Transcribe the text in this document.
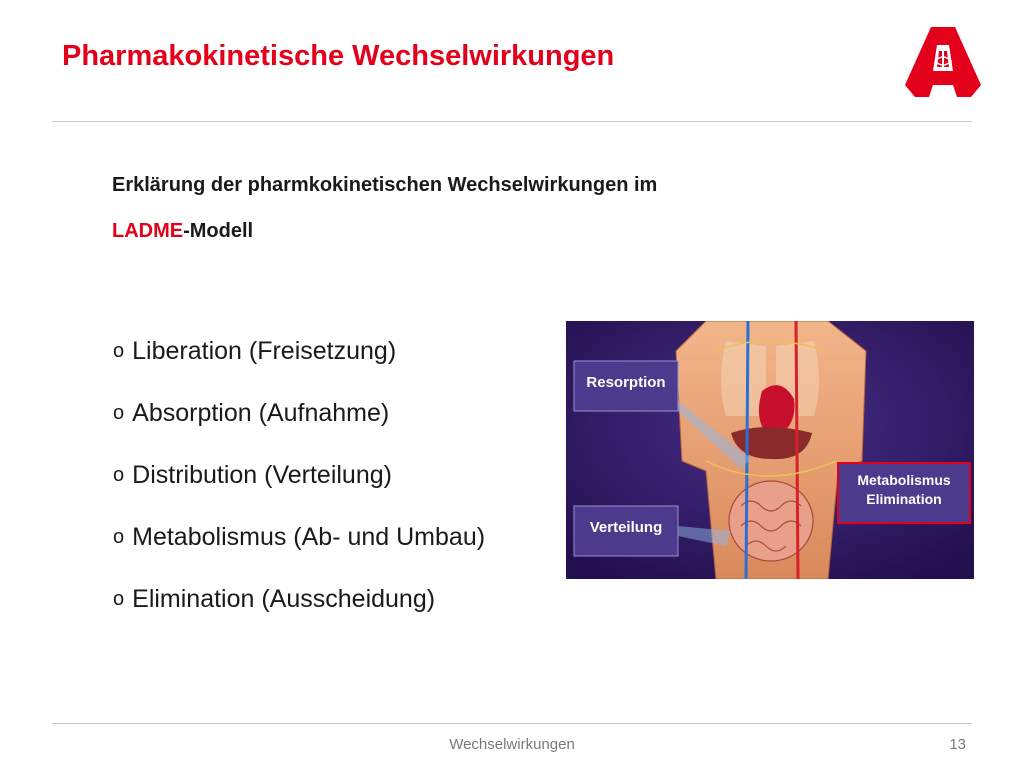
Pharmakokinetische Wechselwirkungen
Erklärung der pharmkokinetischen Wechselwirkungen im
LADME-Modell
o L iberation (Freisetzung)
o A bsorption (Aufnahme)
o D istribution (Verteilung)
o M etabolismus (Ab- und Umbau)
o E limination (Ausscheidung)
Resorption
Verteilung
Metabolismus
Elimination
Wechselwirkungen	13
